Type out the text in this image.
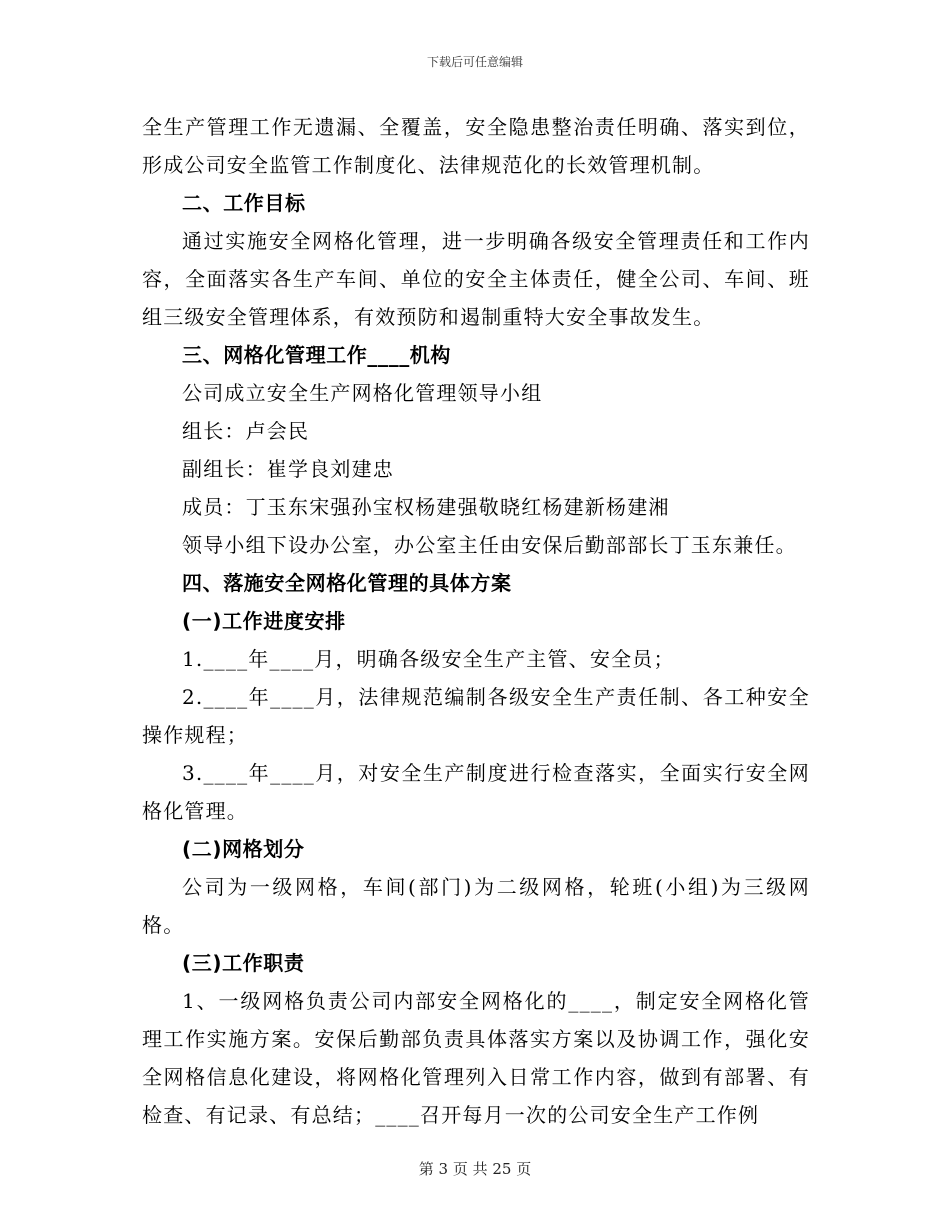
下载后可任意编辑

全生产管理工作无遗漏、全覆盖，安全隐患整治责任明确、落实到位，形成公司安全监管工作制度化、法律规范化的长效管理机制。

二、工作目标

通过实施安全网格化管理，进一步明确各级安全管理责任和工作内容，全面落实各生产车间、单位的安全主体责任，健全公司、车间、班组三级安全管理体系，有效预防和遏制重特大安全事故发生。

三、网格化管理工作____机构

公司成立安全生产网格化管理领导小组

组长：卢会民

副组长：崔学良刘建忠

成员：丁玉东宋强孙宝权杨建强敬晓红杨建新杨建湘

领导小组下设办公室，办公室主任由安保后勤部部长丁玉东兼任。

四、落施安全网格化管理的具体方案

(一)工作进度安排

1.____年____月，明确各级安全生产主管、安全员；

2.____年____月，法律规范编制各级安全生产责任制、各工种安全操作规程；

3.____年____月，对安全生产制度进行检查落实，全面实行安全网格化管理。

(二)网格划分

公司为一级网格，车间(部门)为二级网格，轮班(小组)为三级网格。

(三)工作职责

1、一级网格负责公司内部安全网格化的____，制定安全网格化管理工作实施方案。安保后勤部负责具体落实方案以及协调工作，强化安全网格信息化建设，将网格化管理列入日常工作内容，做到有部署、有检查、有记录、有总结；____召开每月一次的公司安全生产工作例

第 3 页 共 25 页
